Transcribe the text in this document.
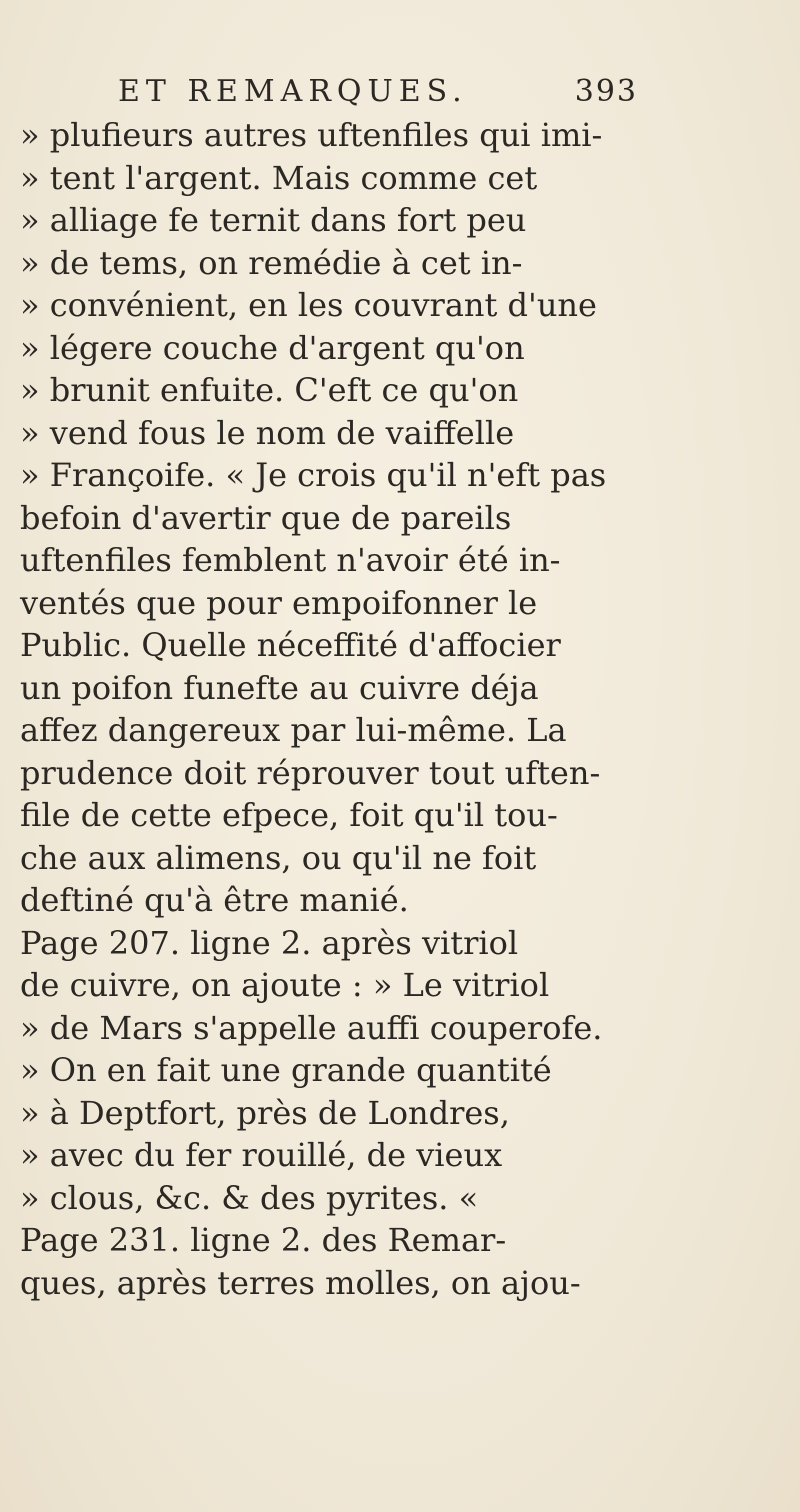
ET REMARQUES.	393
» plufieurs autres uftenfiles qui imi-
» tent l'argent. Mais comme cet
» alliage fe ternit dans fort peu
» de tems, on remédie à cet in-
» convénient, en les couvrant d'une
» légere couche d'argent qu'on
» brunit enfuite. C'eft ce qu'on
» vend fous le nom de vaiffelle
» Françoife. « Je crois qu'il n'eft pas
befoin d'avertir que de pareils
uftenfiles femblent n'avoir été in-
ventés que pour empoifonner le
Public. Quelle néceffité d'affocier
un poifon funefte au cuivre déja
affez dangereux par lui-même. La
prudence doit réprouver tout uften-
file de cette efpece, foit qu'il tou-
che aux alimens, ou qu'il ne foit
deftiné qu'à être manié.
Page 207. ligne 2. après vitriol
de cuivre, on ajoute : » Le vitriol
» de Mars s'appelle auffi couperofe.
» On en fait une grande quantité
» à Deptfort, près de Londres,
» avec du fer rouillé, de vieux
» clous, &c. & des pyrites. «
Page 231. ligne 2. des Remar-
ques, après terres molles, on ajou-
